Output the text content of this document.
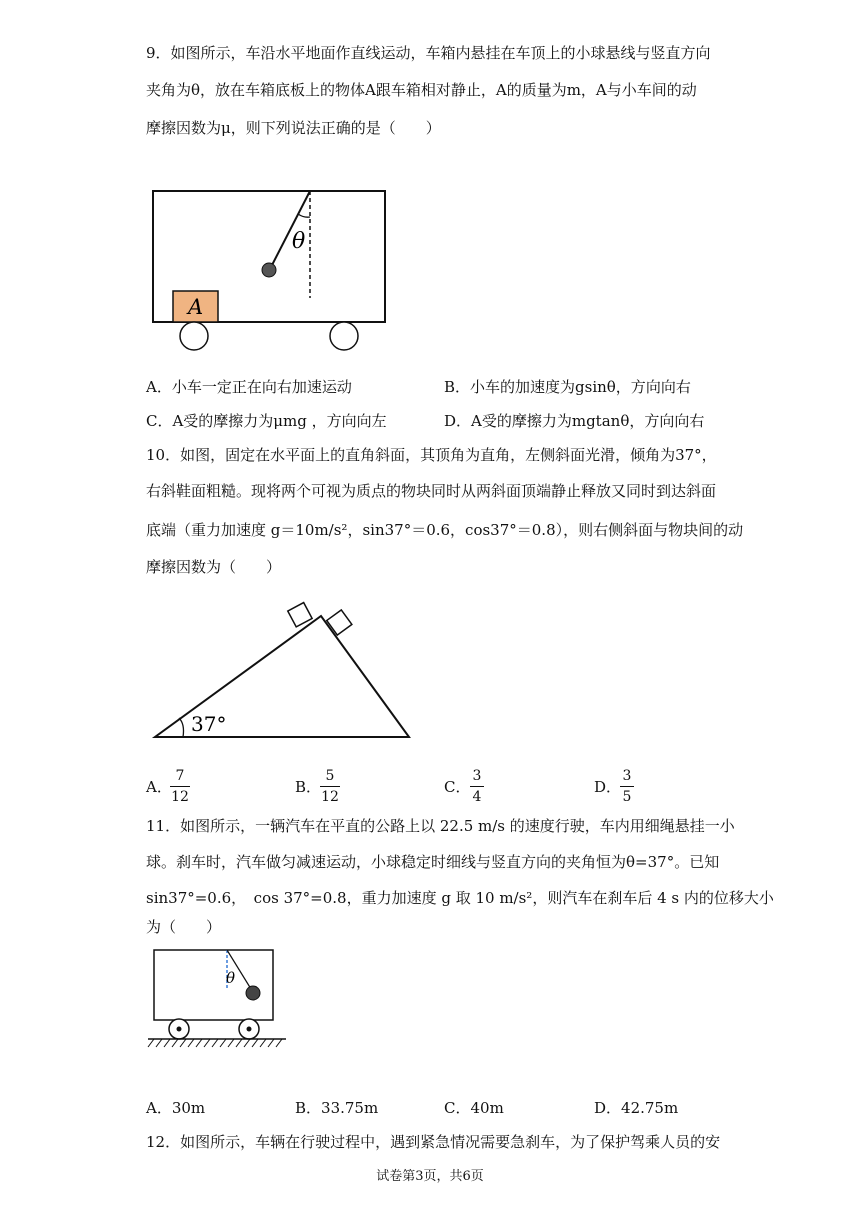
9．如图所示，车沿水平地面作直线运动，车箱内悬挂在车顶上的小球悬线与竖直方向
夹角为θ，放在车箱底板上的物体A跟车箱相对静止，A的质量为m，A与小车间的动
摩擦因数为μ，则下列说法正确的是（　　）
θ
A
A．小车一定正在向右加速运动	B．小车的加速度为gsinθ，方向向右
C．A受的摩擦力为μmg ，方向向左	D．A受的摩擦力为mgtanθ，方向向右
10．如图，固定在水平面上的直角斜面，其顶角为直角，左侧斜面光滑，倾角为37°，
右斜鞋面粗糙。现将两个可视为质点的物块同时从两斜面顶端静止释放又同时到达斜面
底端（重力加速度 g＝10m/s²，sin37°＝0.6，cos37°＝0.8），则右侧斜面与物块间的动
摩擦因数为（　　）
37°
A．
7
12
B．
5
12
C．
3
4
D．
3
5
11．如图所示，一辆汽车在平直的公路上以 22.5 m/s 的速度行驶，车内用细绳悬挂一小
球。刹车时，汽车做匀减速运动，小球稳定时细线与竖直方向的夹角恒为θ=37°。已知
sin37°=0.6，　cos 37°=0.8，重力加速度 g 取 10 m/s²，则汽车在刹车后 4 s 内的位移大小
为（　　）
θ
A．30m	B．33.75m	C．40m	D．42.75m
12．如图所示，车辆在行驶过程中，遇到紧急情况需要急刹车，为了保护驾乘人员的安
试卷第3页，共6页
